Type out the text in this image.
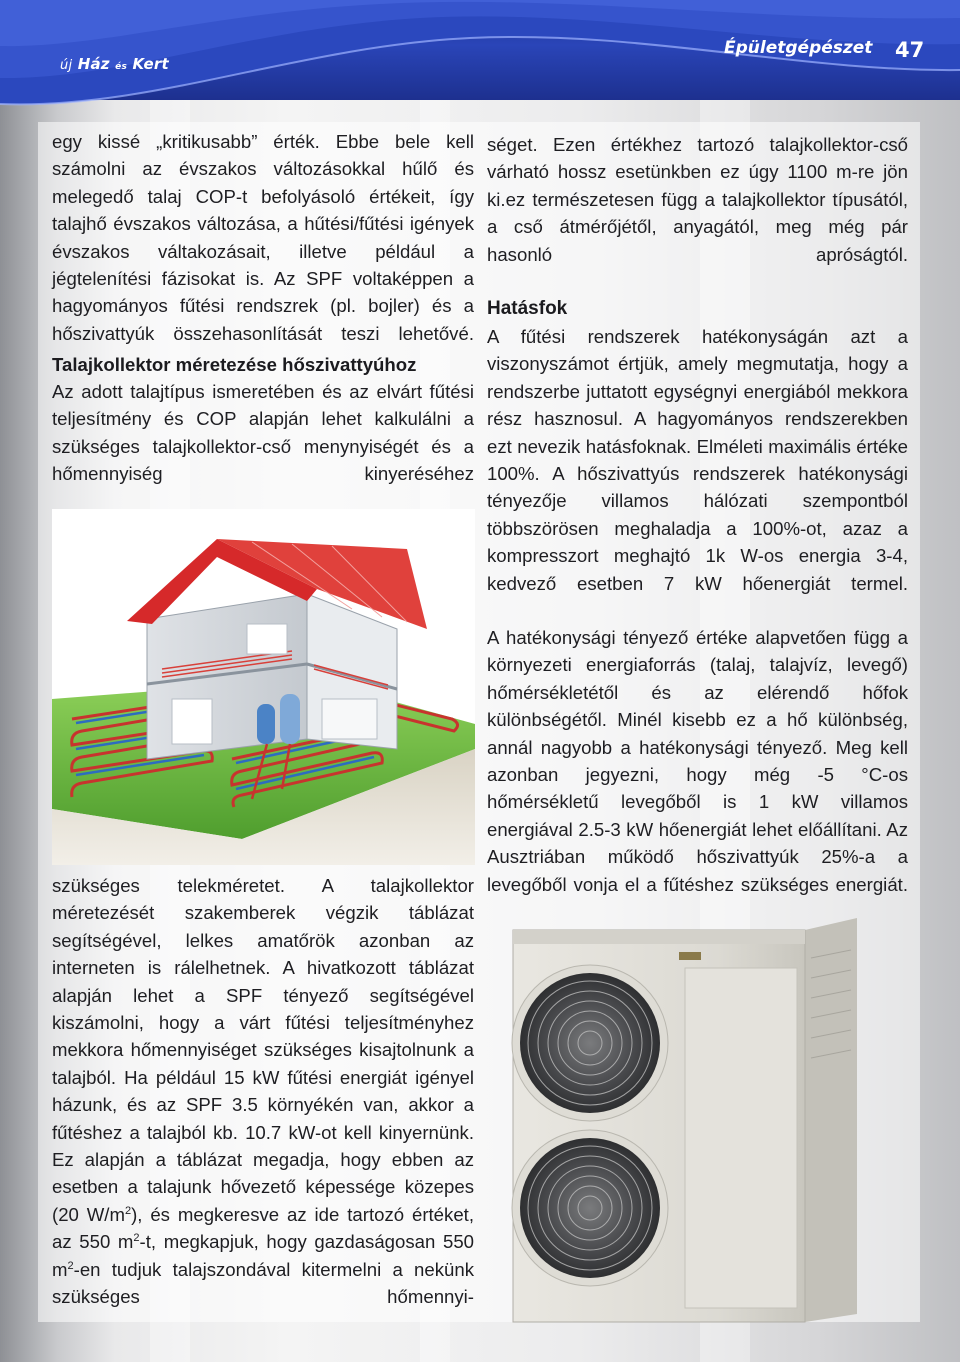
új Ház és Kert
Épületgépészet 47
egy kissé „kritikusabb” érték. Ebbe bele kell számolni az évszakos változásokkal hűlő és melegedő talaj COP-t befolyásoló értékeit, így talajhő évszakos változása, a hűtési/fűtési igények évszakos váltakozásait, illetve például a jégtelenítési fázisokat is. Az SPF voltaképpen a hagyományos fűtési rendszrek (pl. bojler) és a hőszivattyúk összehasonlítását teszi lehetővé.
Talajkollektor méretezése hőszivattyúhoz
Az adott talajtípus ismeretében és az elvárt fűtési teljesítmény és COP alapján lehet kalkulálni a szükséges talajkollektor-cső menynyiségét és a hőmennyiség kinyeréséhez
szükséges telekméretet. A talajkollektor méretezését szakemberek végzik táblázat segítségével, lelkes amatőrök azonban az interneten is rálelhetnek. A hivatkozott táblázat alapján lehet a SPF tényező segítségével kiszámolni, hogy a várt fűtési teljesítményhez mekkora hőmennyiséget szükséges kisajtolnunk a talajból. Ha például 15 kW fűtési energiát igényel házunk, és az SPF 3.5 környékén van, akkor a fűtéshez a talajból kb. 10.7 kW-ot kell kinyernünk. Ez alapján a táblázat megadja, hogy ebben az esetben a talajunk hővezető képessége közepes (20 $W/m^2$), és megkeresve az ide tartozó értéket, az 550 $m^2-t$, megkapjuk, hogy gazdaságosan 550 $m^2-en$ tudjuk talajszondával kitermelni a nekünk szükséges hőmennyi-
séget. Ezen értékhez tartozó talajkollektor-cső várható hossz esetünkben ez úgy 1100 m-re jön ki.ez természetesen függ a talajkollektor típusától, a cső átmérőjétől, anyagától, meg még pár hasonló apróságtól.
Hatásfok
A fűtési rendszerek hatékonyságán azt a viszonyszámot értjük, amely megmutatja, hogy a rendszerbe juttatott egységnyi energiából mekkora rész hasznosul. A hagyományos rendszerekben ezt nevezik hatásfoknak. Elméleti maximális értéke 100%. A hőszivattyús rendszerek hatékonysági tényezője villamos hálózati szempontból többszörösen meghaladja a 100%-ot, azaz a kompresszort meghajtó 1k W-os energia 3-4, kedvező esetben 7 kW hőenergiát termel.
A hatékonysági tényező értéke alapvetően függ a környezeti energiaforrás (talaj, talajvíz, levegő) hőmérsékletétől és az elérendő hőfok különbségétől. Minél kisebb ez a hő különbség, annál nagyobb a hatékonysági tényező. Meg kell azonban jegyezni, hogy még -5 °C-os hőmérsékletű levegőből is 1 kW villamos energiával 2.5-3 kW hőenergiát lehet előállítani. Az Ausztriában működő hőszivattyúk 25%-a a levegőből vonja el a fűtéshez szükséges energiát.
